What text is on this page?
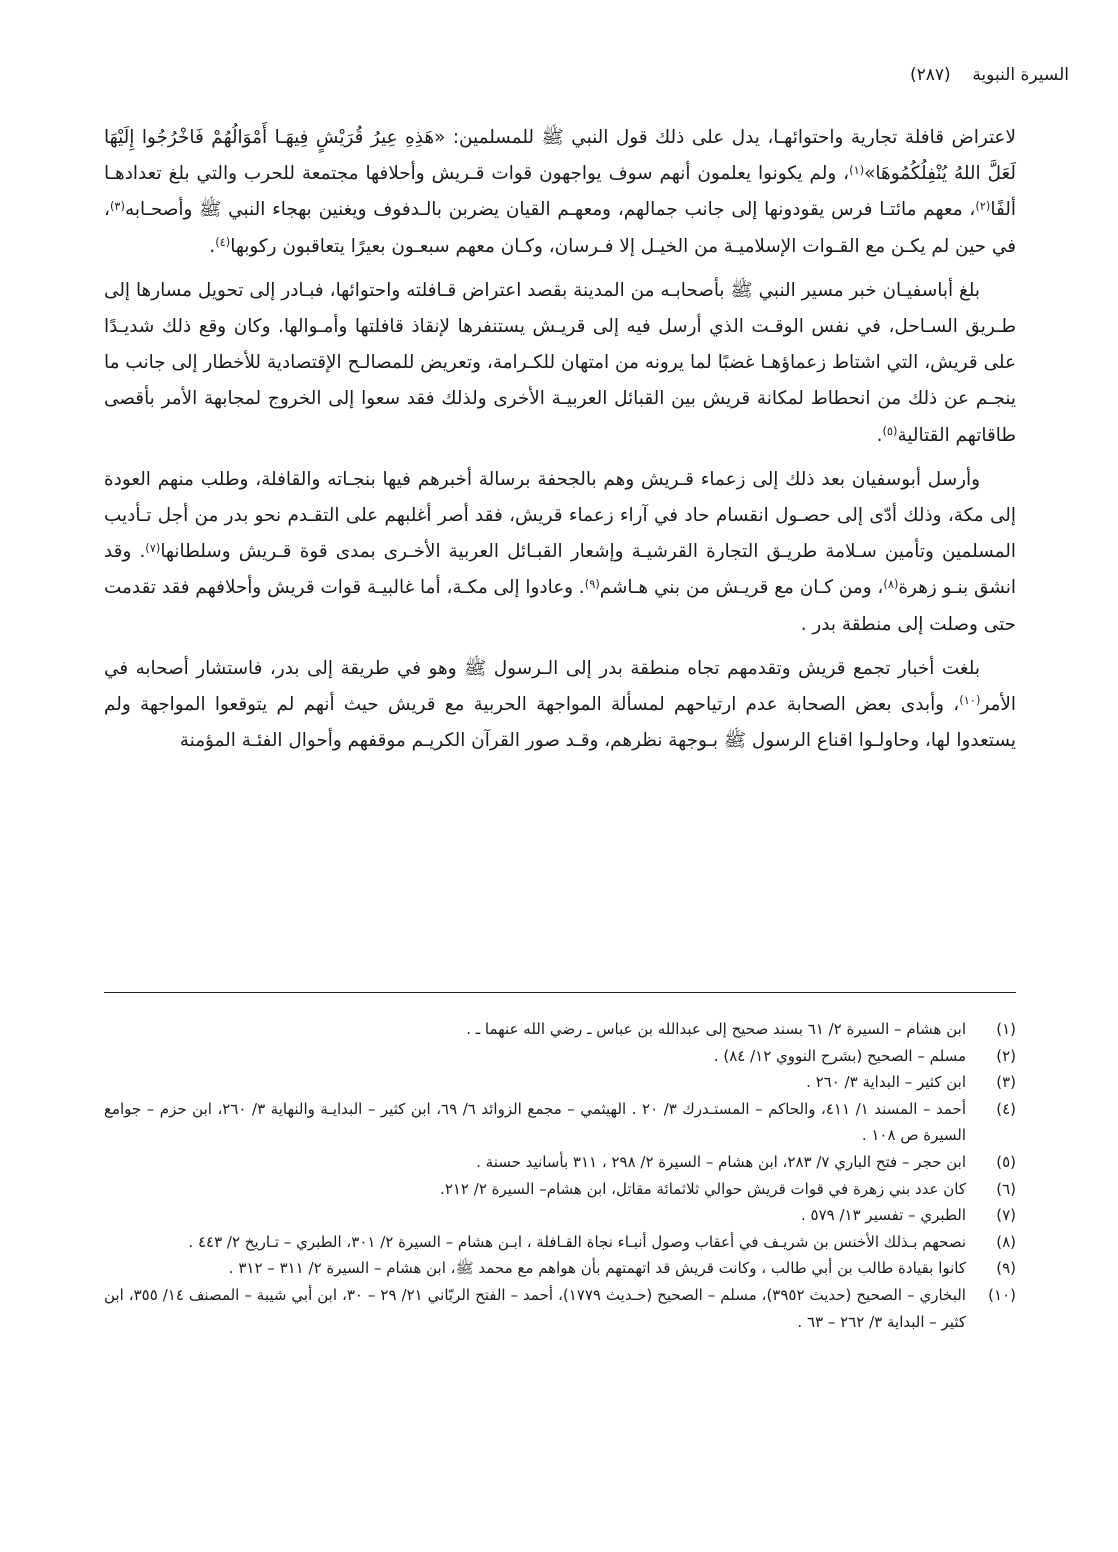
السيرة النبوية    (٢٨٧)

لاعتراض قافلة تجارية واحتوائهـا، يدل على ذلك قول النبي ﷺ للمسلمين: «هَذِهِ عِيرُ قُرَيْشٍ فِيهَـا أَمْوَالُهُمْ فَاخْرُجُوا إِلَيْهَا لَعَلَّ اللهُ يُنْفِلُكُمُوهَا»$^{(١)}$، ولم يكونوا يعلمون أنهم سوف يواجهون قوات قـريش وأحلافها مجتمعة للحرب والتي بلغ تعدادهـا ألفًا$^{(٢)}$، معهم مائتـا فرس يقودونها إلى جانب جمالهم، ومعهـم القيان يضربن بالـدفوف ويغنين بهجاء النبي ﷺ وأصحـابه$^{(٣)}$، في حين لم يكـن مع القـوات الإسلاميـة من الخيـل إلا فـرسان، وكـان معهم سبعـون بعيرًا يتعاقبون ركوبها$^{(٤)}$.

بلغ أباسفيـان خبر مسير النبي ﷺ بأصحابـه من المدينة بقصد اعتراض قـافلته واحتوائها، فبـادر إلى تحويل مسارها إلى طـريق السـاحل، في نفس الوقـت الذي أرسل فيه إلى قريـش يستنفرها لإنقاذ قافلتها وأمـوالها. وكان وقع ذلك شديـدًا على قريش، التي اشتاط زعماؤهـا غضبًا لما يرونه من امتهان للكـرامة، وتعريض للمصالـح الإقتصادية للأخطار إلى جانب ما ينجـم عن ذلك من انحطاط لمكانة قريش بين القبائل العربيـة الأخرى ولذلك فقد سعوا إلى الخروج لمجابهة الأمر بأقصى طاقاتهم القتالية$^{(٥)}$.

وأرسل أبوسفيان بعد ذلك إلى زعماء قـريش وهم بالجحفة برسالة أخبرهم فيها بنجـاته والقافلة، وطلب منهم العودة إلى مكة، وذلك أدّى إلى حصـول انقسام حاد في آراء زعماء قريش، فقد أصر أغلبهم على التقـدم نحو بدر من أجل تـأديب المسلمين وتأمين سـلامة طريـق التجارة القرشيـة وإشعار القبـائل العربية الأخـرى بمدى قوة قـريش وسلطانها$^{(٧)}$. وقد انشق بنـو زهرة$^{(٨)}$، ومن كـان مع قريـش من بني هـاشم$^{(٩)}$. وعادوا إلى مكـة، أما غالبيـة قوات قريش وأحلافهم فقد تقدمت حتى وصلت إلى منطقة بدر .

بلغت أخبار تجمع قريش وتقدمهم تجاه منطقة بدر إلى الـرسول ﷺ وهو في طريقة إلى بدر، فاستشار أصحابه في الأمر$^{(١٠)}$، وأبدى بعض الصحابة عدم ارتياحهم لمسألة المواجهة الحربية مع قريش حيث أنهم لم يتوقعوا المواجهة ولم يستعدوا لها، وحاولـوا اقناع الرسول ﷺ بـوجهة نظرهم، وقـد صور القرآن الكريـم موقفهم وأحوال الفئـة المؤمنة

(١)
ابن هشام – السيرة ٢/ ٦١ بسند صحيح إلى عبدالله بن عباس ـ رضي الله عنهما ـ .
(٢)
مسلم – الصحيح (بشرح النووي ١٢/ ٨٤) .
(٣)
ابن كثير – البداية ٣/ ٢٦٠ .
(٤)
أحمد – المسند ١/ ٤١١، والحاكم – المستـدرك ٣/ ٢٠ . الهيثمي – مجمع الزوائد ٦/ ٦٩، ابن كثير – البدايـة والنهاية ٣/ ٢٦٠، ابن حزم – جوامع السيرة ص ١٠٨ .
(٥)
ابن حجر – فتح الباري ٧/ ٢٨٣، ابن هشام – السيرة ٢/ ٢٩٨ ، ٣١١ بأسانيد حسنة .
(٦)
كان عدد بني زهرة في قوات قريش حوالي ثلاثمائة مقاتل، ابن هشام– السيرة ٢/ ٢١٢.
(٧)
الطبري – تفسير ١٣/ ٥٧٩ .
(٨)
نصحهم بـذلك الأخنس بن شريـف في أعقاب وصول أنبـاء نجاة القـافلة ، ابـن هشام – السيرة ٢/ ٣٠١، الطبري – تـاريخ ٢/ ٤٤٣ .
(٩)
كانوا بقيادة طالب بن أبي طالب ، وكانت قريش قد اتهمتهم بأن هواهم مع محمد ﷺ، ابن هشام – السيرة ٢/ ٣١١ – ٣١٢ .
(١٠)
البخاري – الصحيح (حديث ٣٩٥٢)، مسلم – الصحيح (حـديث ١٧٧٩)، أحمد – الفتح الربّاني ٢١/ ٢٩ – ٣٠، ابن أبي شيبة – المصنف ١٤/ ٣٥٥، ابن كثير – البداية ٣/ ٢٦٢ – ٦٣ .
